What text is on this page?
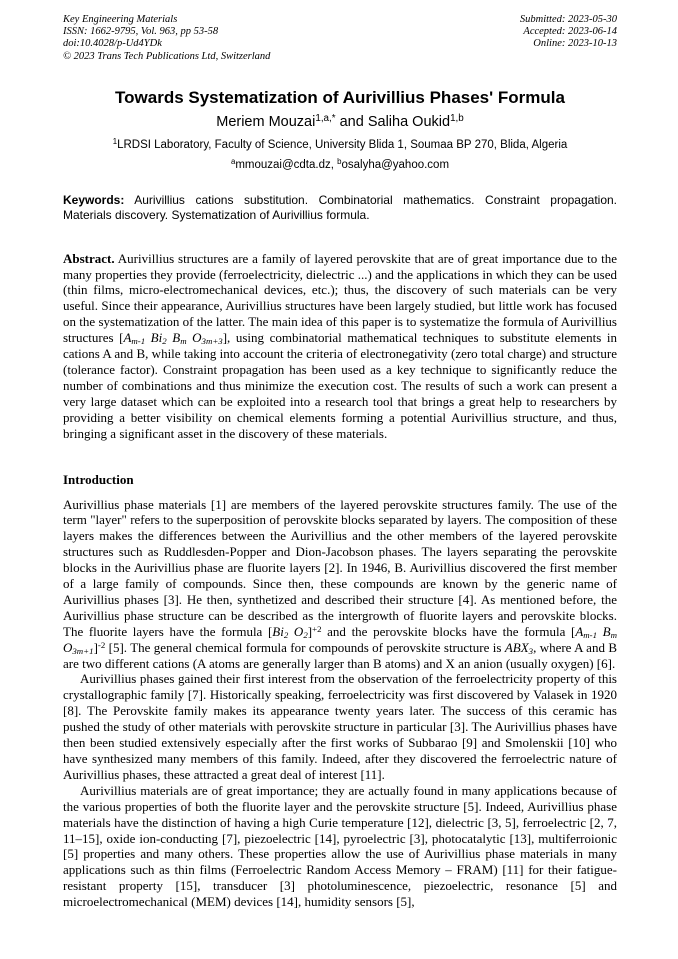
Key Engineering Materials
ISSN: 1662-9795, Vol. 963, pp 53-58
doi:10.4028/p-Ud4YDk
© 2023 Trans Tech Publications Ltd, Switzerland
Submitted: 2023-05-30
Accepted: 2023-06-14
Online: 2023-10-13
Towards Systematization of Aurivillius Phases' Formula
Meriem Mouzai$^{1,a,*}$ and Saliha Oukid$^{1,b}$
$^1$LRDSI Laboratory, Faculty of Science, University Blida 1, Soumaa BP 270, Blida, Algeria
$^a$mmouzai@cdta.dz, $^b$osalyha@yahoo.com

Keywords: Aurivillius cations substitution. Combinatorial mathematics. Constraint propagation. Materials discovery. Systematization of Aurivillius formula.

Abstract. Aurivillius structures are a family of layered perovskite that are of great importance due to the many properties they provide (ferroelectricity, dielectric ...) and the applications in which they can be used (thin films, micro-electromechanical devices, etc.); thus, the discovery of such materials can be very useful. Since their appearance, Aurivillius structures have been largely studied, but little work has focused on the systematization of the latter. The main idea of this paper is to systematize the formula of Aurivillius structures [$A_{m-1}$ $Bi_2$ $B_m$ $O_{3m+3}$], using combinatorial mathematical techniques to substitute elements in cations A and B, while taking into account the criteria of electronegativity (zero total charge) and structure (tolerance factor). Constraint propagation has been used as a key technique to significantly reduce the number of combinations and thus minimize the execution cost. The results of such a work can present a very large dataset which can be exploited into a research tool that brings a great help to researchers by providing a better visibility on chemical elements forming a potential Aurivillius structure, and thus, bringing a significant asset in the discovery of these materials.

Introduction

Aurivillius phase materials [1] are members of the layered perovskite structures family. The use of the term "layer" refers to the superposition of perovskite blocks separated by layers. The composition of these layers makes the differences between the Aurivillius and the other members of the layered perovskite structures such as Ruddlesden-Popper and Dion-Jacobson phases. The layers separating the perovskite blocks in the Aurivillius phase are fluorite layers [2]. In 1946, B. Aurivillius discovered the first member of a large family of compounds. Since then, these compounds are known by the generic name of Aurivillius phases [3]. He then, synthetized and described their structure [4]. As mentioned before, the Aurivillius phase structure can be described as the intergrowth of fluorite layers and perovskite blocks. The fluorite layers have the formula [$Bi_2$ $O_2]^{+2}$ and the perovskite blocks have the formula [$A_{m-1}$ $B_m$ $O_{3m+1}]^{-2}$ [5]. The general chemical formula for compounds of perovskite structure is $ABX_3$, where A and B are two different cations (A atoms are generally larger than B atoms) and X an anion (usually oxygen) [6].

Aurivillius phases gained their first interest from the observation of the ferroelectricity property of this crystallographic family [7]. Historically speaking, ferroelectricity was first discovered by Valasek in 1920 [8]. The Perovskite family makes its appearance twenty years later. The success of this ceramic has pushed the study of other materials with perovskite structure in particular [3]. The Aurivillius phases have then been studied extensively especially after the first works of Subbarao [9] and Smolenskii [10] who have synthesized many members of this family. Indeed, after they discovered the ferroelectric nature of Aurivillius phases, these attracted a great deal of interest [11].

Aurivillius materials are of great importance; they are actually found in many applications because of the various properties of both the fluorite layer and the perovskite structure [5]. Indeed, Aurivillius phase materials have the distinction of having a high Curie temperature [12], dielectric [3, 5], ferroelectric [2, 7, 11–15], oxide ion-conducting [7], piezoelectric [14], pyroelectric [3], photocatalytic [13], multiferroionic [5] properties and many others. These properties allow the use of Aurivillius phase materials in many applications such as thin films (Ferroelectric Random Access Memory – FRAM) [11] for their fatigue-resistant property [15], transducer [3] photoluminescence, piezoelectric, resonance [5] and microelectromechanical (MEM) devices [14], humidity sensors [5],
